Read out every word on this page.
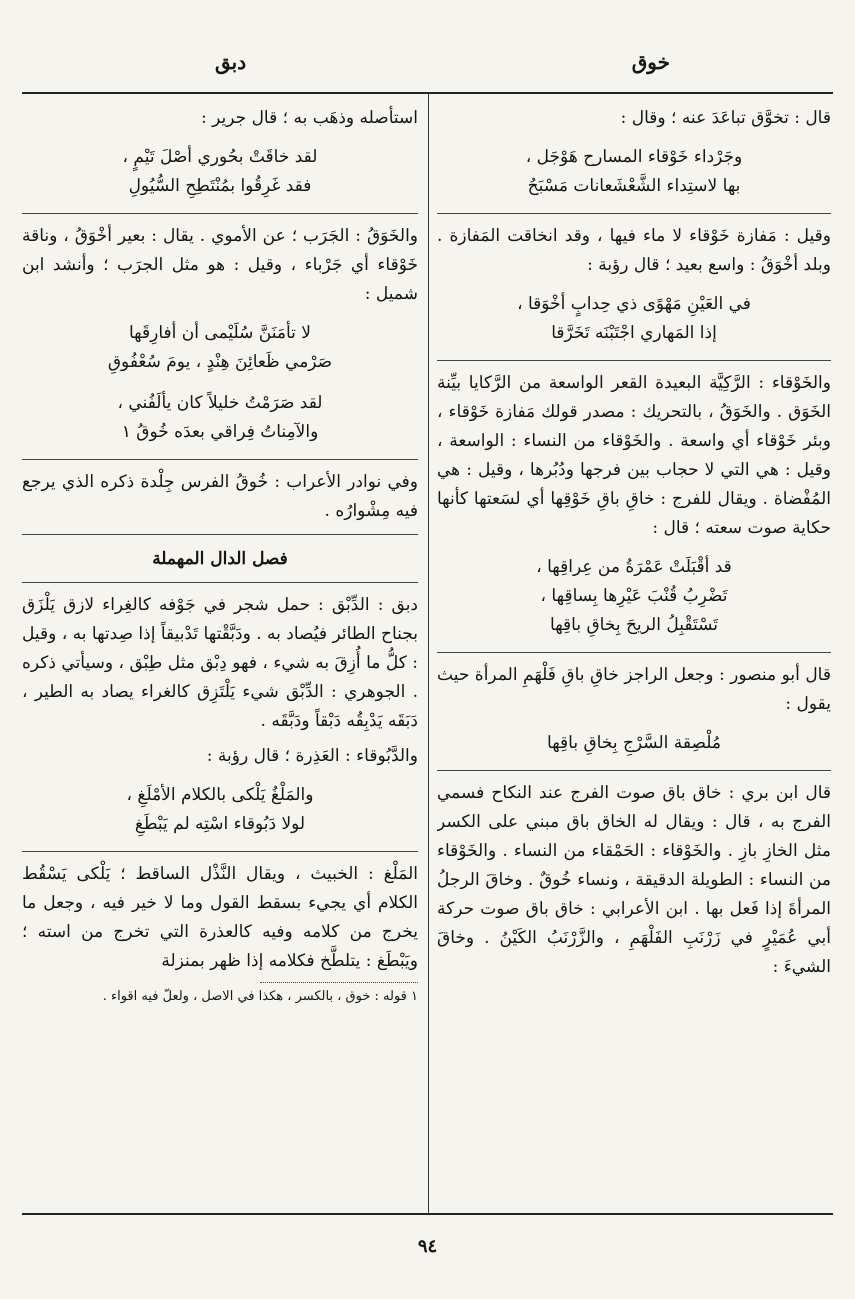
خوق
دبق

قال : تخوَّق تباعَدَ عنه ؛ وقال :

وجَرْداء خَوْقاء المسارح هَوْجَل ،
بها لاستِداء الشَّعْشَعانات مَسْبَحُ

وقيل : مَفازة خَوْقاء لا ماء فيها ، وقد انخاقت المَفازة . وبلد أخْوَقُ : واسع بعيد ؛ قال رؤبة :

في العَيْنِ مَهْوًى ذي حِدابٍ أخْوَقا ،
إذا المَهاري اجْتَبْنَه تَخَرَّقا

والخَوْقاء : الرَّكِيَّة البعيدة القعر الواسعة من الرَّكايا بيِّنة الخَوَق . والخَوَقُ ، بالتحريك : مصدر قولك مَفازة خَوْقاء ، وبئر خَوْقاء أي واسعة . والخَوْقاء من النساء : الواسعة ، وقيل : هي التي لا حجاب بين فرجها ودُبُرها ، وقيل : هي المُفْضاة . ويقال للفرج : خاقِ باقِ خَوْقِها أي لسَعتها كأنها حكاية صوت سعته ؛ قال :

قد أقْبَلَتْ عَمْرَةُ من عِراقِها ،
تَضْرِبُ قُنْبَ عَيْرِها بِساقِها ،
تَسْتَقْبِلُ الريحَ بِخاقِ باقِها

قال أبو منصور : وجعل الراجز خاقِ باقِ فَلْهَمِ المرأة حيث يقول :

مُلْصِقة السَّرْجِ بِخاقِ باقِها

قال ابن بري : خاق باق صوت الفرج عند النكاح فسمي الفرج به ، قال : ويقال له الخاق باق مبني على الكسر مثل الخازِ بازِ . والخَوْقاء : الحَمْقاء من النساء . والخَوْقاء من النساء : الطويلة الدقيقة ، ونساء خُوقٌ . وخاقَ الرجلُ المرأةَ إذا فَعل بها . ابن الأعرابي : خاق باق صوت حركة أبي عُمَيْرٍ في زَرْنَبِ الفَلْهَمِ ، والزَّرْنَبُ الكَيْنُ . وخاقَ الشيءَ :

استأصله وذهَب به ؛ قال جرير :

لقد خاقَتْ بحُوري أصْلَ تَيْمٍ ،
فقد غَرِقُوا بمُنْتَطِحِ السُّيُولِ

والخَوَقُ : الجَرَب ؛ عن الأموي . يقال : بعير أخْوَقُ ، وناقة خَوْقاء أي جَرْباء ، وقيل : هو مثل الجرَب ؛ وأنشد ابن شميل :

لا تأمَنَنَّ سُلَيْمى أن أفارِقَها
صَرْمي ظَعائِنَ هِنْدٍ ، يومَ سُعْفُوقِ
لقد صَرَمْتُ خليلاً كان يألَفُني ،
والآمِناتُ فِراقي بعدَه خُوقُ ١

وفي نوادر الأعراب : خُوقُ الفرس جِلْدة ذكره الذي يرجع فيه مِشْوارُه .

فصل الدال المهملة

دبق : الدِّبْق : حمل شجر في جَوْفه كالغِراء لازق يَلْزَق بجناح الطائر فيُصاد به . ودَبَّقْتها تَدْبيقاً إذا صِدتها به ، وقيل : كلُّ ما أُزِقَ به شيء ، فهو دِبْق مثل طِبْق ، وسيأتي ذكره . الجوهري : الدِّبْق شيء يَلْتَزِق كالغراء يصاد به الطير ، دَبَقَه يَدْبِقُه دَبْقاً ودَبَّقَه .

والدَّبُوقاء : العَذِرة ؛ قال رؤبة :

والمَلْغُ يَلْكى بالكلام الأمْلَغِ ،
لولا دَبُوقاء اسْتِه لم يَبْطَغِ

المَلْغ : الخبيث ، ويقال النَّذْل الساقط ؛ يَلْكى يَسْقُط الكلام أي يجيء بسقط القول وما لا خير فيه ، وجعل ما يخرج من كلامه وفيه كالعذرة التي تخرج من استه ؛ ويَبْطَغ : يتلطَّخ فكلامه إذا ظهر بمنزلة

١ قوله : خوق ، بالكسر ، هكذا في الاصل ، ولعلّ فيه اقواء .
٩٤
